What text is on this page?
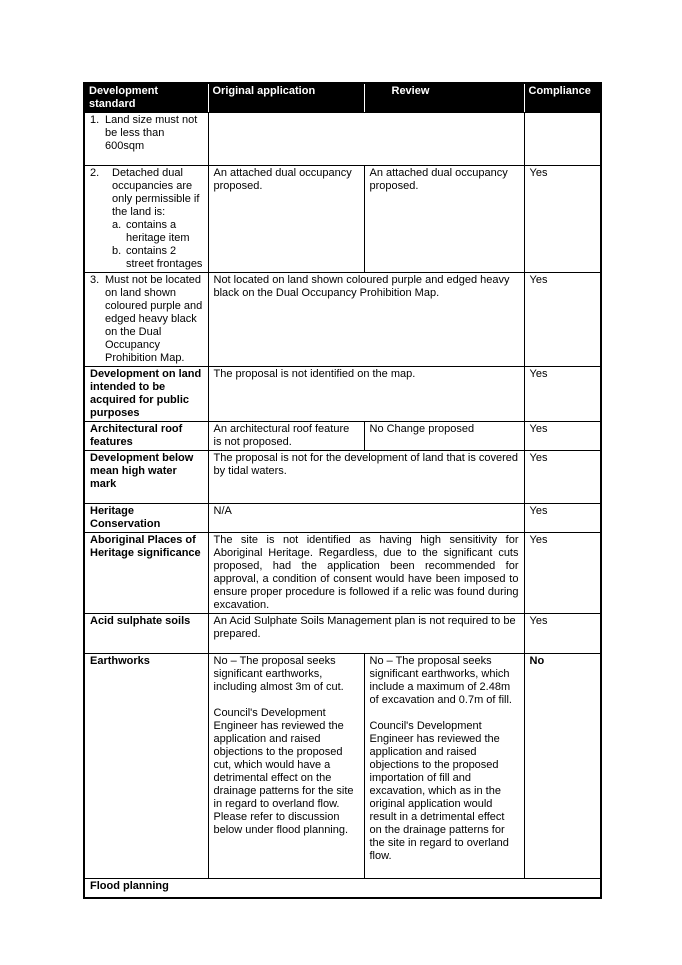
Development standard	Original application	Review	Compliance

1. Land size must not be less than 600sqm			

2.	Detached dual occupancies are only permissible if the land is:
a. contains a heritage item
b. contains 2 street frontages
	An attached dual occupancy proposed.	An attached dual occupancy proposed.	Yes

3. Must not be located on land shown coloured purple and edged heavy black on the Dual Occupancy Prohibition Map.	Not located on land shown coloured purple and edged heavy black on the Dual Occupancy Prohibition Map.		Yes
Development on land intended to be acquired for public purposes	The proposal is not identified on the map.		Yes
Architectural roof features	An architectural roof feature is not proposed.	No Change proposed	Yes
Development below mean high water mark	The proposal is not for the development of land that is covered by tidal waters.		Yes
Heritage Conservation	N/A		Yes
Aboriginal Places of Heritage significance	The site is not identified as having high sensitivity for Aboriginal Heritage. Regardless, due to the significant cuts proposed, had the application been recommended for approval, a condition of consent would have been imposed to ensure proper procedure is followed if a relic was found during excavation.		Yes
Acid sulphate soils	An Acid Sulphate Soils Management plan is not required to be prepared.		Yes
Earthworks	No – The proposal seeks significant earthworks, including almost 3m of cut.

Council's Development Engineer has reviewed the application and raised objections to the proposed cut, which would have a detrimental effect on the drainage patterns for the site in regard to overland flow. Please refer to discussion below under flood planning.	No – The proposal seeks significant earthworks, which include a maximum of 2.48m of excavation and 0.7m of fill.

Council's Development Engineer has reviewed the application and raised objections to the proposed importation of fill and excavation, which as in the original application would result in a detrimental effect on the drainage patterns for the site in regard to overland flow.	No
Flood planning			
